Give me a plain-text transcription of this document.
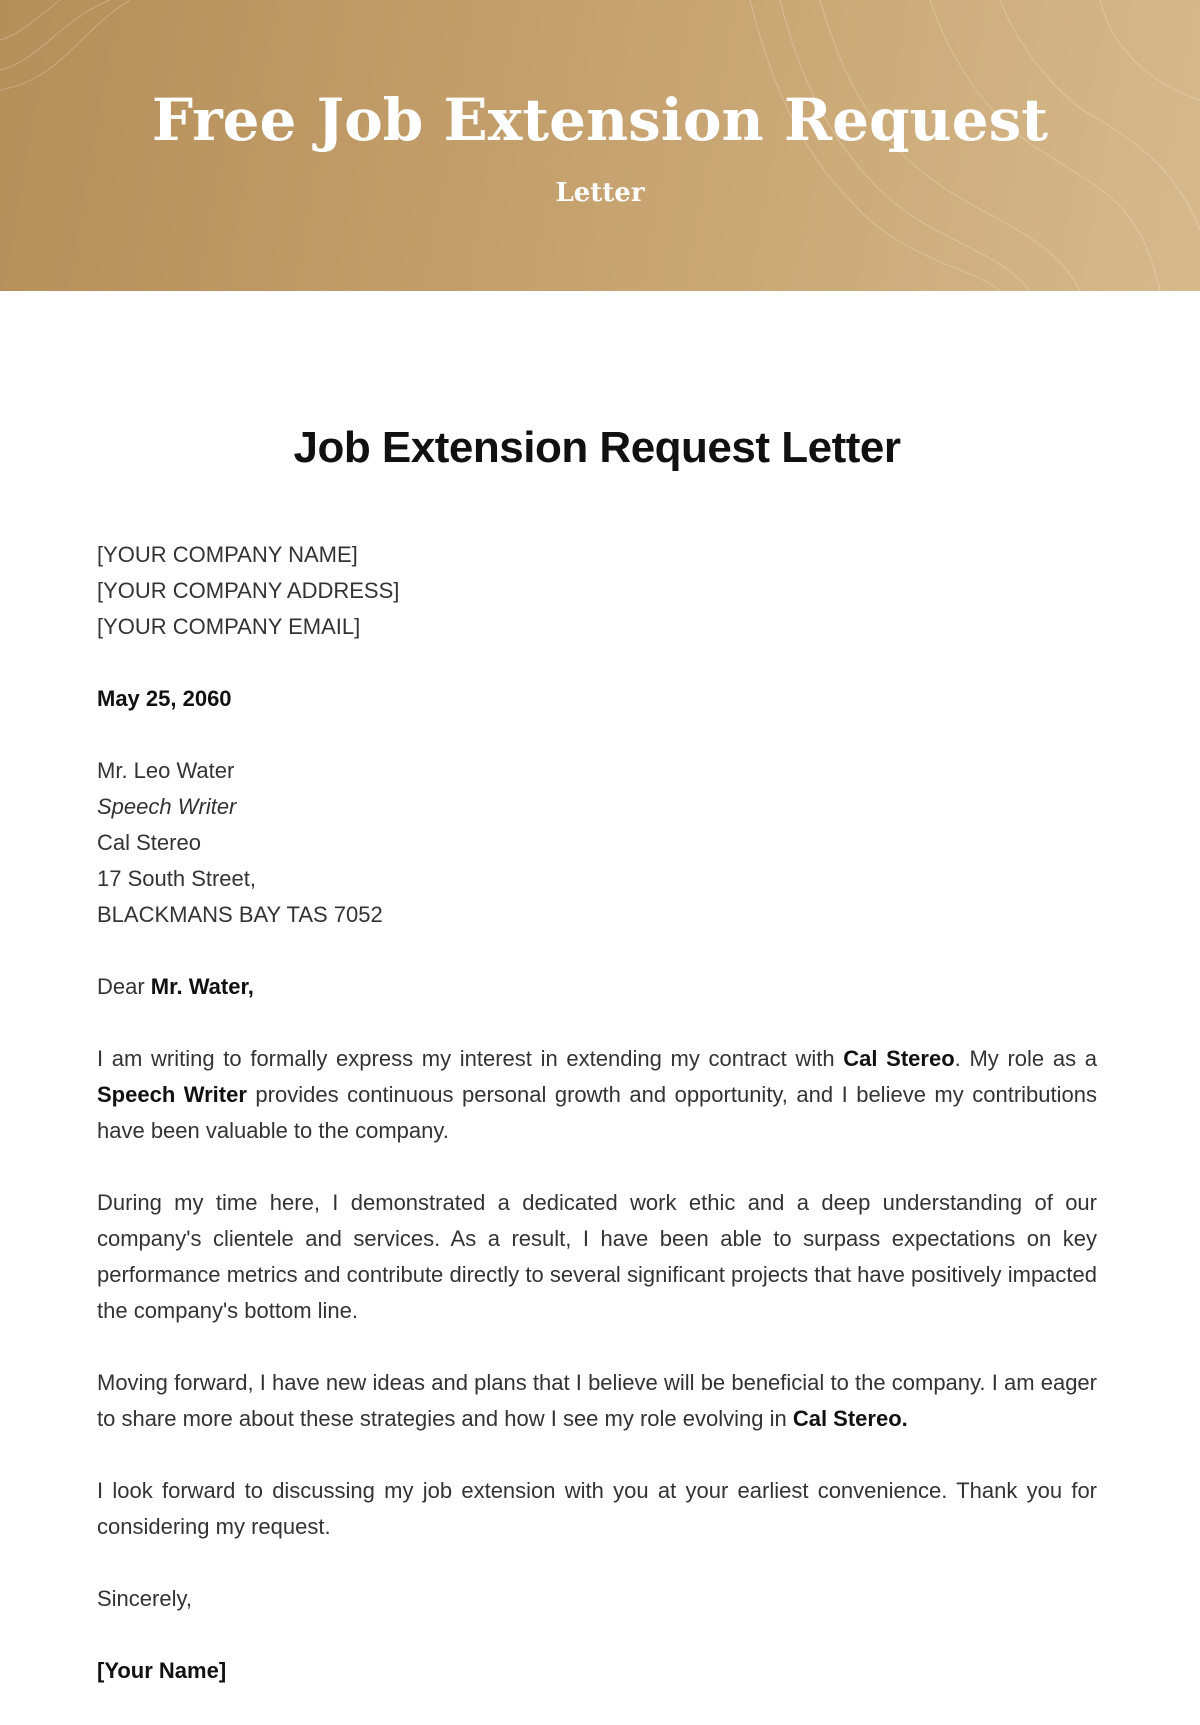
Free Job Extension Request
Letter
Job Extension Request Letter
[YOUR COMPANY NAME]
[YOUR COMPANY ADDRESS]
[YOUR COMPANY EMAIL]
May 25, 2060
Mr. Leo Water
Speech Writer
Cal Stereo
17 South Street,
BLACKMANS BAY TAS 7052
Dear Mr. Water,

I am writing to formally express my interest in extending my contract with Cal Stereo. My role as a Speech Writer provides continuous personal growth and opportunity, and I believe my contributions have been valuable to the company.

During my time here, I demonstrated a dedicated work ethic and a deep understanding of our company's clientele and services. As a result, I have been able to surpass expectations on key performance metrics and contribute directly to several significant projects that have positively impacted the company's bottom line.

Moving forward, I have new ideas and plans that I believe will be beneficial to the company. I am eager to share more about these strategies and how I see my role evolving in Cal Stereo.

I look forward to discussing my job extension with you at your earliest convenience. Thank you for considering my request.

Sincerely,
[Your Name]
